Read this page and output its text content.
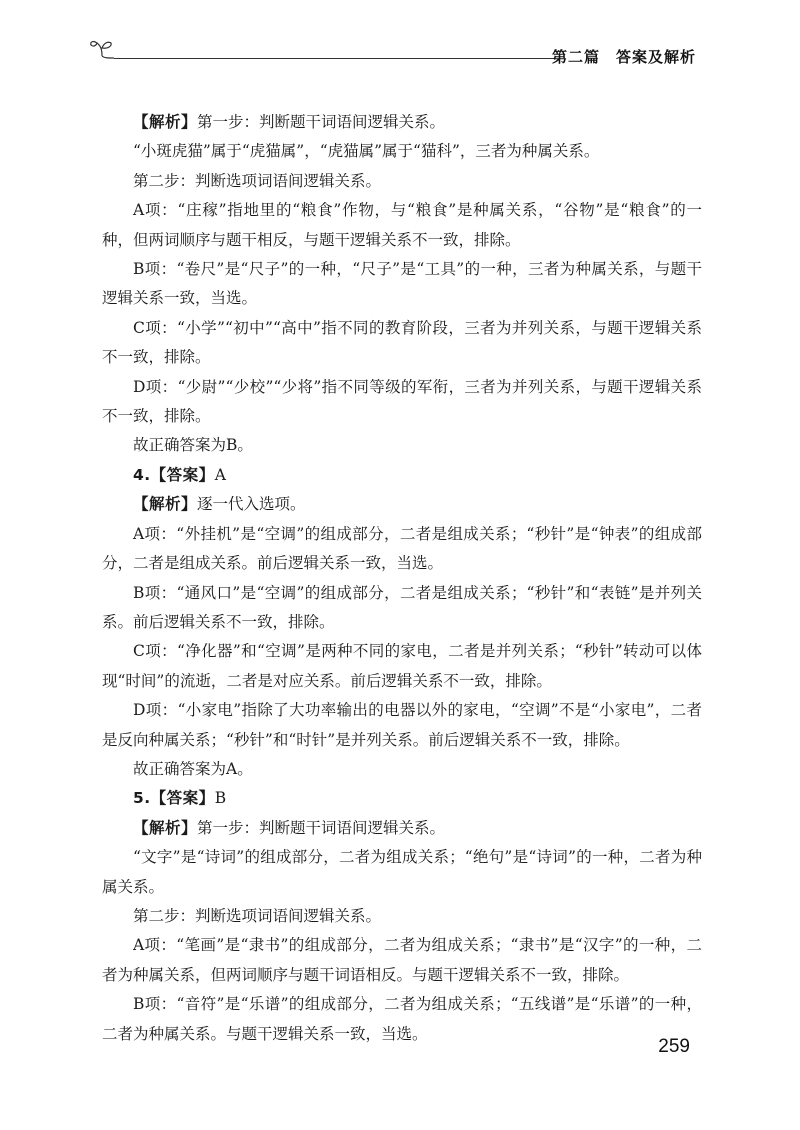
第二篇　答案及解析

【解析】第一步：判断题干词语间逻辑关系。

“小斑虎猫”属于“虎猫属”，“虎猫属”属于“猫科”，三者为种属关系。

第二步：判断选项词语间逻辑关系。

A项：“庄稼”指地里的“粮食”作物，与“粮食”是种属关系，“谷物”是“粮食”的一种，但两词顺序与题干相反，与题干逻辑关系不一致，排除。

B项：“卷尺”是“尺子”的一种，“尺子”是“工具”的一种，三者为种属关系，与题干逻辑关系一致，当选。

C项：“小学”“初中”“高中”指不同的教育阶段，三者为并列关系，与题干逻辑关系不一致，排除。

D项：“少尉”“少校”“少将”指不同等级的军衔，三者为并列关系，与题干逻辑关系不一致，排除。

故正确答案为B。

4.【答案】A

【解析】逐一代入选项。

A项：“外挂机”是“空调”的组成部分，二者是组成关系；“秒针”是“钟表”的组成部分，二者是组成关系。前后逻辑关系一致，当选。

B项：“通风口”是“空调”的组成部分，二者是组成关系；“秒针”和“表链”是并列关系。前后逻辑关系不一致，排除。

C项：“净化器”和“空调”是两种不同的家电，二者是并列关系；“秒针”转动可以体现“时间”的流逝，二者是对应关系。前后逻辑关系不一致，排除。

D项：“小家电”指除了大功率输出的电器以外的家电，“空调”不是“小家电”，二者是反向种属关系；“秒针”和“时针”是并列关系。前后逻辑关系不一致，排除。

故正确答案为A。

5.【答案】B

【解析】第一步：判断题干词语间逻辑关系。

“文字”是“诗词”的组成部分，二者为组成关系；“绝句”是“诗词”的一种，二者为种属关系。

第二步：判断选项词语间逻辑关系。

A项：“笔画”是“隶书”的组成部分，二者为组成关系；“隶书”是“汉字”的一种，二者为种属关系，但两词顺序与题干词语相反。与题干逻辑关系不一致，排除。

B项：“音符”是“乐谱”的组成部分，二者为组成关系；“五线谱”是“乐谱”的一种，二者为种属关系。与题干逻辑关系一致，当选。

259
